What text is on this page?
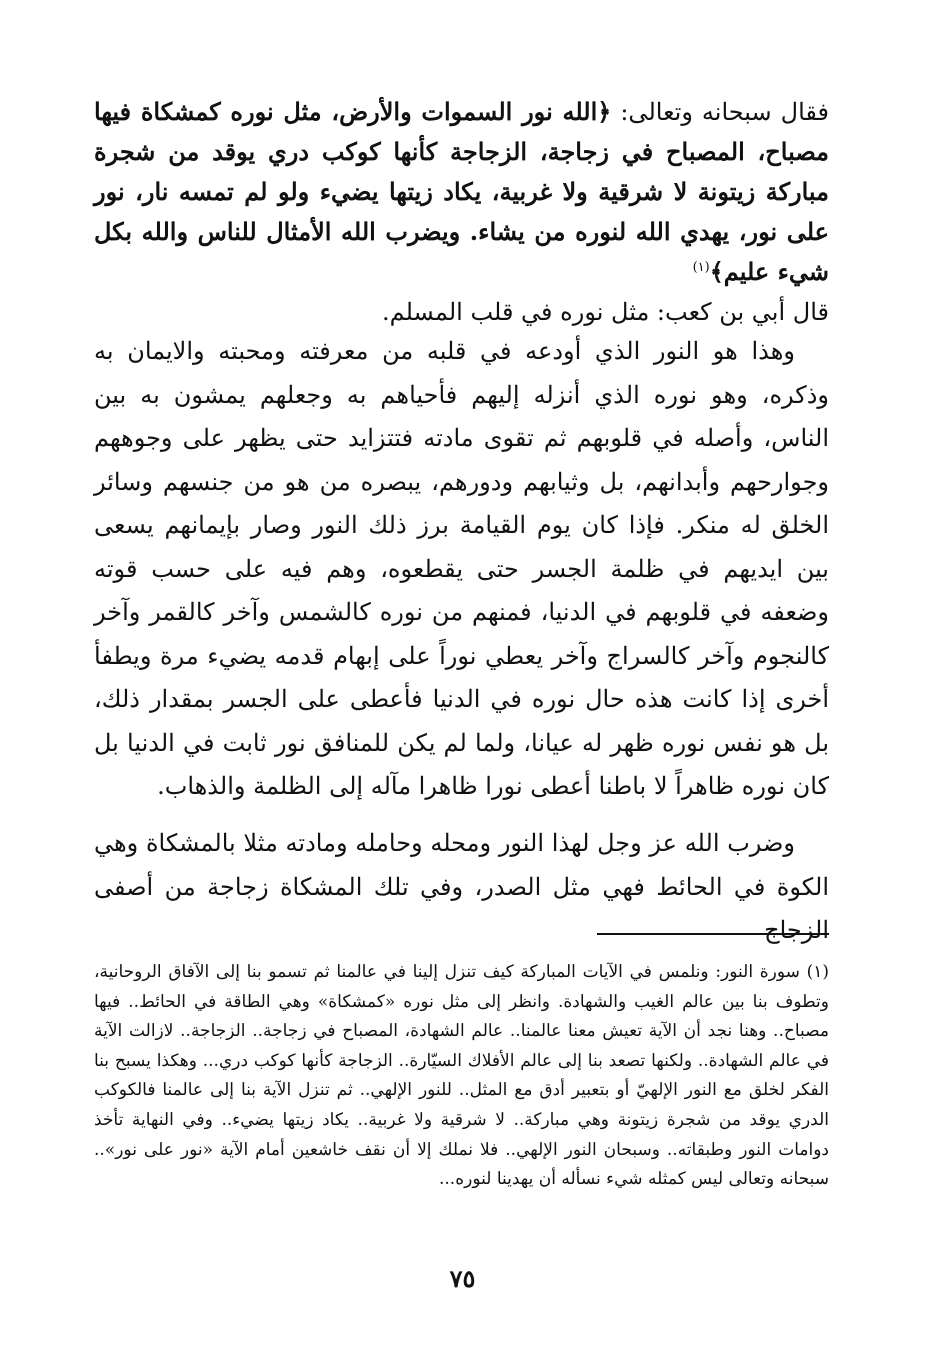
فقال سبحانه وتعالى: ﴿الله نور السموات والأرض، مثل نوره كمشكاة فيها مصباح، المصباح في زجاجة، الزجاجة كأنها كوكب دري يوقد من شجرة مباركة زيتونة لا شرقية ولا غربية، يكاد زيتها يضيء ولو لم تمسه نار، نور على نور، يهدي الله لنوره من يشاء. ويضرب الله الأمثال للناس والله بكل شيء عليم﴾$^{(١)}$
قال أبي بن كعب: مثل نوره في قلب المسلم.
وهذا هو النور الذي أودعه في قلبه من معرفته ومحبته والايمان به وذكره، وهو نوره الذي أنزله إليهم فأحياهم به وجعلهم يمشون به بين الناس، وأصله في قلوبهم ثم تقوى مادته فتتزايد حتى يظهر على وجوههم وجوارحهم وأبدانهم، بل وثيابهم ودورهم، يبصره من هو من جنسهم وسائر الخلق له منكر. فإذا كان يوم القيامة برز ذلك النور وصار بإيمانهم يسعى بين ايديهم في ظلمة الجسر حتى يقطعوه، وهم فيه على حسب قوته وضعفه في قلوبهم في الدنيا، فمنهم من نوره كالشمس وآخر كالقمر وآخر كالنجوم وآخر كالسراج وآخر يعطي نوراً على إبهام قدمه يضيء مرة ويطفأ أخرى إذا كانت هذه حال نوره في الدنيا فأعطى على الجسر بمقدار ذلك، بل هو نفس نوره ظهر له عيانا، ولما لم يكن للمنافق نور ثابت في الدنيا بل كان نوره ظاهراً لا باطنا أعطى نورا ظاهرا مآله إلى الظلمة والذهاب.
وضرب الله عز وجل لهذا النور ومحله وحامله ومادته مثلا بالمشكاة وهي الكوة في الحائط فهي مثل الصدر، وفي تلك المشكاة زجاجة من أصفى الزجاج
(١) سورة النور: ونلمس في الآيات المباركة كيف تنزل إلينا في عالمنا ثم تسمو بنا إلى الآفاق الروحانية، وتطوف بنا بين عالم الغيب والشهادة. وانظر إلى مثل نوره «كمشكاة» وهي الطاقة في الحائط.. فيها مصباح.. وهنا نجد أن الآية تعيش معنا عالمنا.. عالم الشهادة، المصباح في زجاجة.. الزجاجة.. لازالت الآية في عالم الشهادة.. ولكنها تصعد بنا إلى عالم الأفلاك السيّارة.. الزجاجة كأنها كوكب دري... وهكذا يسبح بنا الفكر لخلق مع النور الإلهيّ أو بتعبير أدق مع المثل.. للنور الإلهي.. ثم تنزل الآية بنا إلى عالمنا فالكوكب الدري يوقد من شجرة زيتونة وهي مباركة.. لا شرقية ولا غربية.. يكاد زيتها يضيء.. وفي النهاية تأخذ دوامات النور وطبقاته.. وسبحان النور الإلهي.. فلا نملك إلا أن نقف خاشعين أمام الآية «نور على نور».. سبحانه وتعالى ليس كمثله شيء نسأله أن يهدينا لنوره...
٧٥
